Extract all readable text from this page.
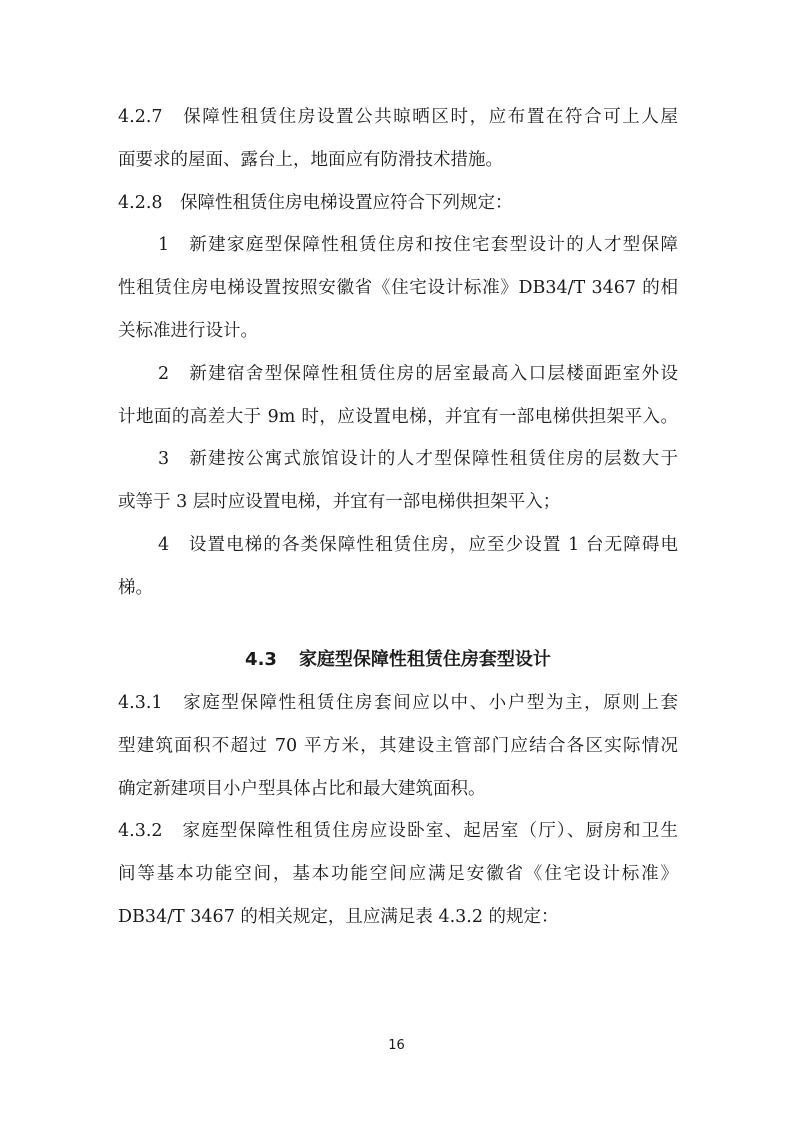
4.2.7　保障性租赁住房设置公共晾晒区时，应布置在符合可上人屋
面要求的屋面、露台上，地面应有防滑技术措施。
4.2.8　保障性租赁住房电梯设置应符合下列规定：
1　新建家庭型保障性租赁住房和按住宅套型设计的人才型保障
性租赁住房电梯设置按照安徽省《住宅设计标准》DB34/T 3467 的相
关标准进行设计。
2　新建宿舍型保障性租赁住房的居室最高入口层楼面距室外设
计地面的高差大于 9m 时，应设置电梯，并宜有一部电梯供担架平入。
3　新建按公寓式旅馆设计的人才型保障性租赁住房的层数大于
或等于 3 层时应设置电梯，并宜有一部电梯供担架平入；
4　设置电梯的各类保障性租赁住房，应至少设置 1 台无障碍电
梯。
4.3 家庭型保障性租赁住房套型设计
4.3.1　家庭型保障性租赁住房套间应以中、小户型为主，原则上套
型建筑面积不超过 70 平方米，其建设主管部门应结合各区实际情况
确定新建项目小户型具体占比和最大建筑面积。
4.3.2　家庭型保障性租赁住房应设卧室、起居室（厅）、厨房和卫生
间等基本功能空间，基本功能空间应满足安徽省《住宅设计标准》
DB34/T 3467 的相关规定，且应满足表 4.3.2 的规定：
16
